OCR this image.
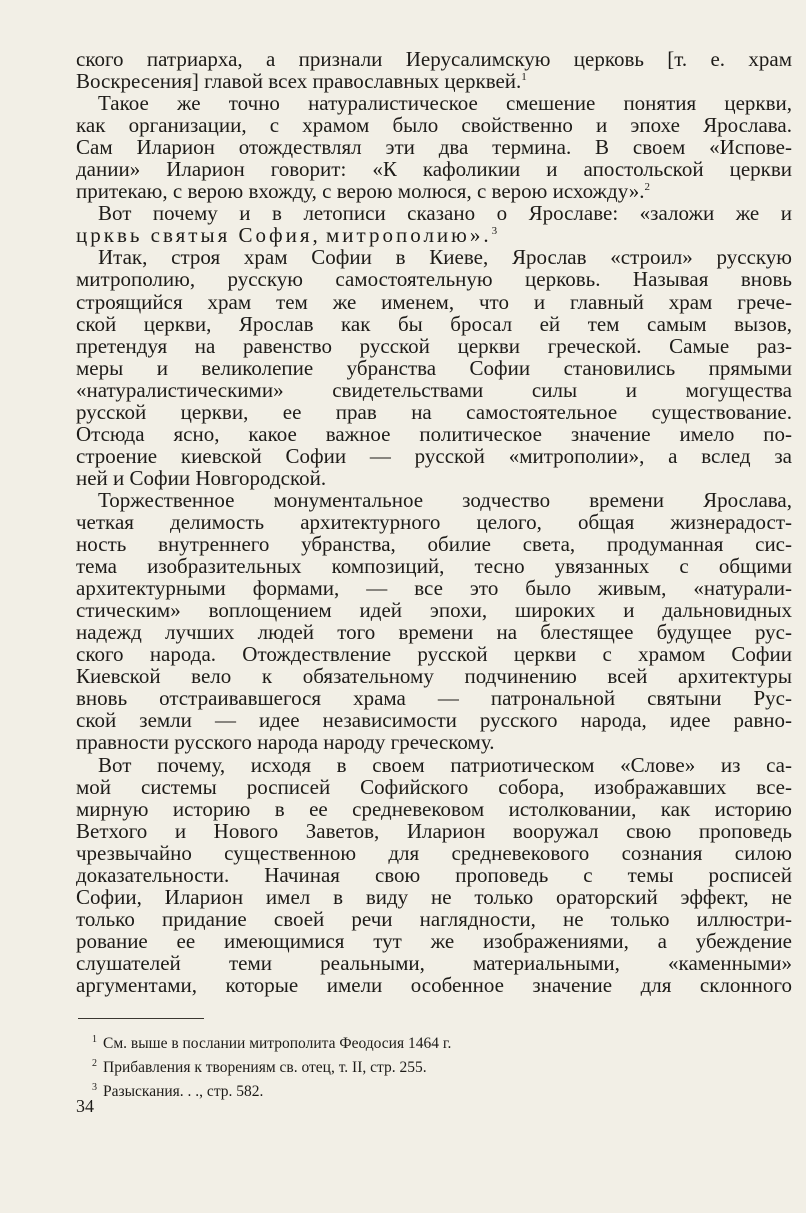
ского патриарха, а признали Иерусалимскую церковь [т. е. храм
Воскресения] главой всех православных церквей.$^1$
Такое же точно натуралистическое смешение понятия церкви,
как организации, с храмом было свойственно и эпохе Ярослава.
Сам Иларион отождествлял эти два термина. В своем «Испове-
дании» Иларион говорит: «К кафоликии и апостольской церкви
притекаю, с верою вхожду, с верою молюся, с верою исхожду».$^2$
Вот почему и в летописи сказано о Ярославе: «заложи же и
црквь святыя София, митрополию».$^3$
Итак, строя храм Софии в Киеве, Ярослав «строил» русскую
митрополию, русскую самостоятельную церковь. Называя вновь
строящийся храм тем же именем, что и главный храм грече-
ской церкви, Ярослав как бы бросал ей тем самым вызов,
претендуя на равенство русской церкви греческой. Самые раз-
меры и великолепие убранства Софии становились прямыми
«натуралистическими» свидетельствами силы и могущества
русской церкви, ее прав на самостоятельное существование.
Отсюда ясно, какое важное политическое значение имело по-
строение киевской Софии — русской «митрополии», а вслед за
ней и Софии Новгородской.
Торжественное монументальное зодчество времени Ярослава,
четкая делимость архитектурного целого, общая жизнерадост-
ность внутреннего убранства, обилие света, продуманная сис-
тема изобразительных композиций, тесно увязанных с общими
архитектурными формами, — все это было живым, «натурали-
стическим» воплощением идей эпохи, широких и дальновидных
надежд лучших людей того времени на блестящее будущее рус-
ского народа. Отождествление русской церкви с храмом Софии
Киевской вело к обязательному подчинению всей архитектуры
вновь отстраивавшегося храма — патрональной святыни Рус-
ской земли — идее независимости русского народа, идее равно-
правности русского народа народу греческому.
Вот почему, исходя в своем патриотическом «Слове» из са-
мой системы росписей Софийского собора, изображавших все-
мирную историю в ее средневековом истолковании, как историю
Ветхого и Нового Заветов, Иларион вооружал свою проповедь
чрезвычайно существенною для средневекового сознания силою
доказательности. Начиная свою проповедь с темы росписей
Софии, Иларион имел в виду не только ораторский эффект, не
только придание своей речи наглядности, не только иллюстри-
рование ее имеющимися тут же изображениями, а убеждение
слушателей теми реальными, материальными, «каменными»
аргументами, которые имели особенное значение для склонного
$^1$ См. выше в послании митрополита Феодосия 1464 г.
$^2$ Прибавления к творениям св. отец, т. II, стр. 255.
$^3$ Разыскания. . ., стр. 582.
34
